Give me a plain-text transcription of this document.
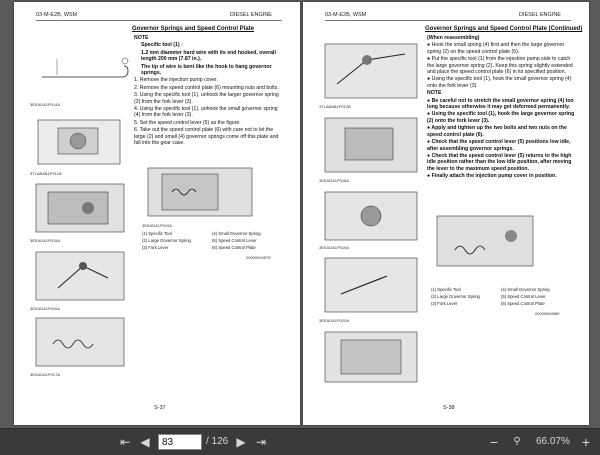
03-M-E2B, WSM	DIESEL ENGINE
3EEADA1P014A
3TLABAB1P011B
3EEADA1P015A
3EEADA1P016A
3EEADA1P017A
Governor Springs and Speed Control Plate

NOTE

Specific tool (1) :

1.2 mm diameter hard wire with its end hooked, overall length 200 mm (7.87 in.).

The tip of wire is bent like the hook to hang governor springs.

1. Remove the injection pump cover.

2. Remove the speed control plate (6) mounting nuts and bolts.

3. Using the specific tool (1), unhook the larger governor spring (2) from the fork lever (3).

4. Using the specific tool (1), unhook the small governor spring (4) from the fork lever (3).

5. Set the speed control lever (5) as the figure.

6. Take out the speed control plate (6) with care not to let the large (2) and small (4) governor springs come off this plate and fall into the gear case.

3EEADA1P019A
(1) Specific Tool	(4) Small Governor Spring
(2) Large Governor Spring	(5) Speed Control Lever
(3) Fork Lever	(6) Speed Control Plate
0000000457E
S-37
03-M-E2B, WSM	DIESEL ENGINE
3TLABAB1P012B
3EEADA1P018A
3EEADA1P019A
3EEADA1P020A
Governor Springs and Speed Control Plate (Continued)

(When reassembling)

● Hook the small spring (4) first and then the large governor spring (2) on the speed control plate (6).

● Put the specific tool (1) from the injection pump side to catch the large governor spring (2). Keep this spring slightly extended and place the speed control plate (6) in its specified position.

● Using the specific tool (1), hook the small governor spring (4) onto the fork lever (3).

NOTE

● Be careful not to stretch the small governor spring (4) too long because otherwise it may get deformed permanently.

● Using the specific tool (1), hook the large governor spring (2) onto the fork lever (3).

● Apply and tighten up the two bolts and two nuts on the speed control plate (6).

● Check that the speed control lever (5) positions low idle, after assembling governor springs.

● Check that the speed control lever (5) returns to the high idle position rather than the low idle position, after moving the lever to the maximum speed position.

● Finally attach the injection pump cover in position.

(1) Specific Tool	(4) Small Governor Spring
(2) Large Governor Spring	(5) Speed Control Lever
(3) Fork Lever	(6) Speed Control Plate
0000006498E
S-38
⇤ ◀
83	/ 126 ▶ ⇥	−	⚲	66.07% +
